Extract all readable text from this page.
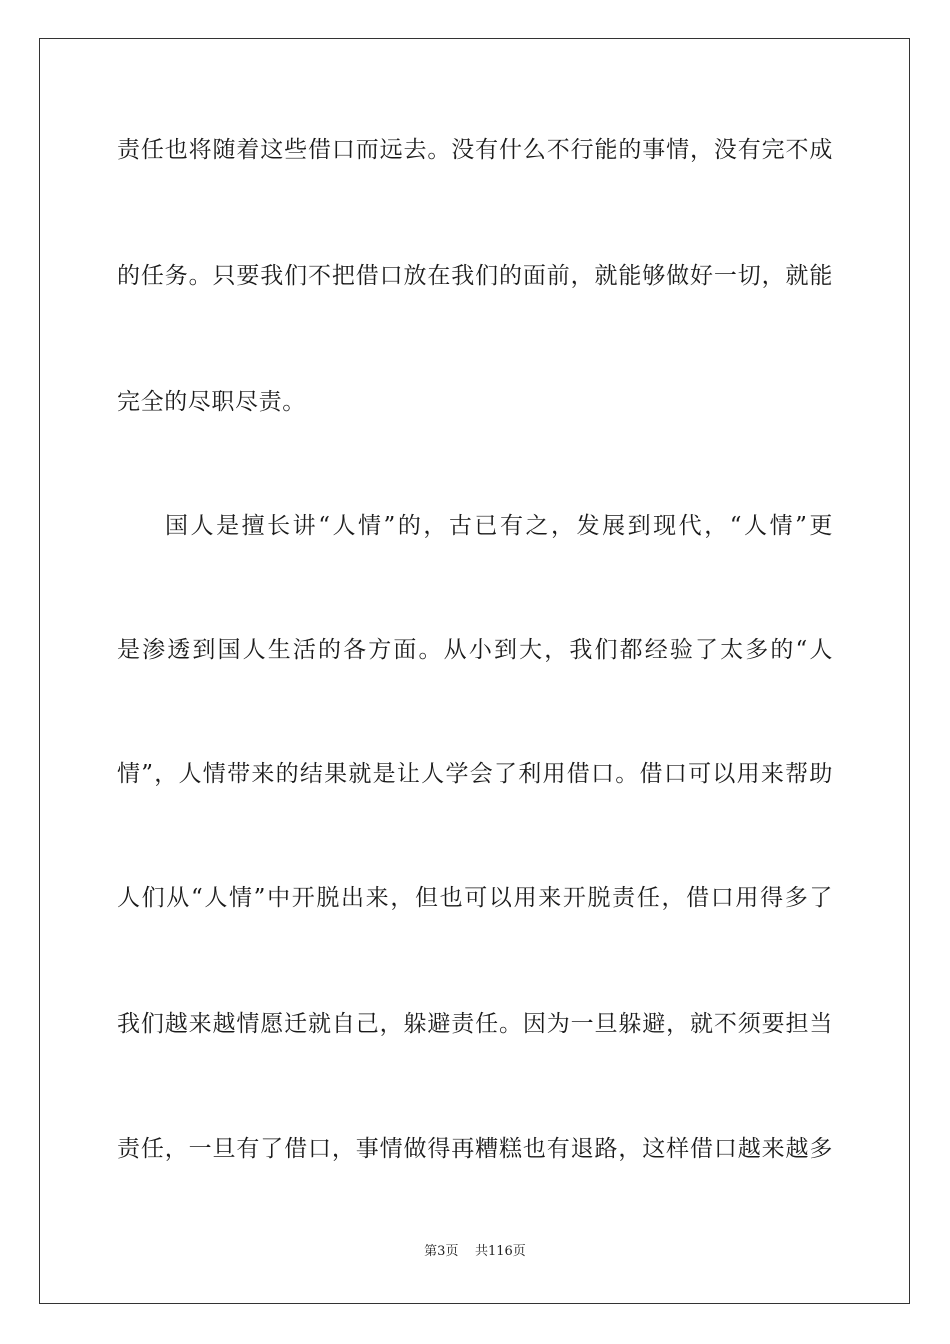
责任也将随着这些借口而远去。没有什么不行能的事情，没有完不成
的任务。只要我们不把借口放在我们的面前，就能够做好一切，就能
完全的尽职尽责。
国人是擅长讲“人情”的，古已有之，发展到现代，“人情”更
是渗透到国人生活的各方面。从小到大，我们都经验了太多的“人
情”，人情带来的结果就是让人学会了利用借口。借口可以用来帮助
人们从“人情”中开脱出来，但也可以用来开脱责任，借口用得多了
我们越来越情愿迁就自己，躲避责任。因为一旦躲避，就不须要担当
责任，一旦有了借口，事情做得再糟糕也有退路，这样借口越来越多
第3页 共116页
